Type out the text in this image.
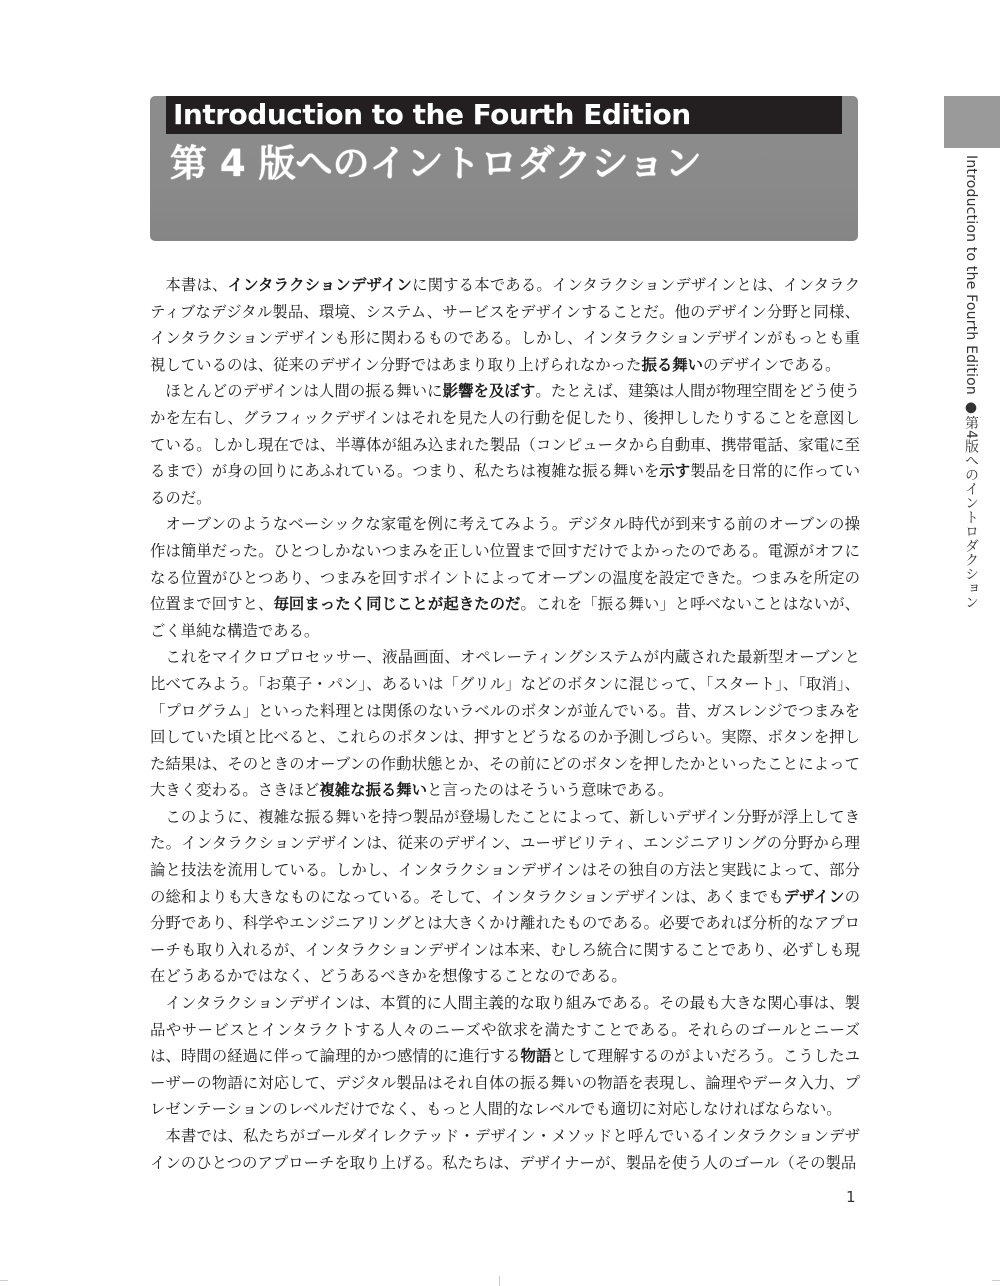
Introduction to the Fourth Edition
第 4 版へのイントロダクション	Introduction to the Fourth Edition ●第4版へのイントロダクション

本書は、インタラクションデザインに関する本である。インタラクションデザインとは、インタラクティブなデジタル製品、環境、システム、サービスをデザインすることだ。他のデザイン分野と同様、インタラクションデザインも形に関わるものである。しかし、インタラクションデザインがもっとも重視しているのは、従来のデザイン分野ではあまり取り上げられなかった振る舞いのデザインである。

ほとんどのデザインは人間の振る舞いに影響を及ぼす。たとえば、建築は人間が物理空間をどう使うかを左右し、グラフィックデザインはそれを見た人の行動を促したり、後押ししたりすることを意図している。しかし現在では、半導体が組み込まれた製品（コンピュータから自動車、携帯電話、家電に至るまで）が身の回りにあふれている。つまり、私たちは複雑な振る舞いを示す製品を日常的に作っているのだ。

オーブンのようなベーシックな家電を例に考えてみよう。デジタル時代が到来する前のオーブンの操作は簡単だった。ひとつしかないつまみを正しい位置まで回すだけでよかったのである。電源がオフになる位置がひとつあり、つまみを回すポイントによってオーブンの温度を設定できた。つまみを所定の位置まで回すと、毎回まったく同じことが起きたのだ。これを「振る舞い」と呼べないことはないが、ごく単純な構造である。

これをマイクロプロセッサー、液晶画面、オペレーティングシステムが内蔵された最新型オーブンと比べてみよう。「お菓子・パン」、あるいは「グリル」などのボタンに混じって、「スタート」、「取消」、「プログラム」といった料理とは関係のないラベルのボタンが並んでいる。昔、ガスレンジでつまみを回していた頃と比べると、これらのボタンは、押すとどうなるのか予測しづらい。実際、ボタンを押した結果は、そのときのオーブンの作動状態とか、その前にどのボタンを押したかといったことによって大きく変わる。さきほど複雑な振る舞いと言ったのはそういう意味である。

このように、複雑な振る舞いを持つ製品が登場したことによって、新しいデザイン分野が浮上してきた。インタラクションデザインは、従来のデザイン、ユーザビリティ、エンジニアリングの分野から理論と技法を流用している。しかし、インタラクションデザインはその独自の方法と実践によって、部分の総和よりも大きなものになっている。そして、インタラクションデザインは、あくまでもデザインの分野であり、科学やエンジニアリングとは大きくかけ離れたものである。必要であれば分析的なアプローチも取り入れるが、インタラクションデザインは本来、むしろ統合に関することであり、必ずしも現在どうあるかではなく、どうあるべきかを想像することなのである。

インタラクションデザインは、本質的に人間主義的な取り組みである。その最も大きな関心事は、製品やサービスとインタラクトする人々のニーズや欲求を満たすことである。それらのゴールとニーズは、時間の経過に伴って論理的かつ感情的に進行する物語として理解するのがよいだろう。こうしたユーザーの物語に対応して、デジタル製品はそれ自体の振る舞いの物語を表現し、論理やデータ入力、プレゼンテーションのレベルだけでなく、もっと人間的なレベルでも適切に対応しなければならない。

本書では、私たちがゴールダイレクテッド・デザイン・メソッドと呼んでいるインタラクションデザインのひとつのアプローチを取り上げる。私たちは、デザイナーが、製品を使う人のゴール（その製品

1
